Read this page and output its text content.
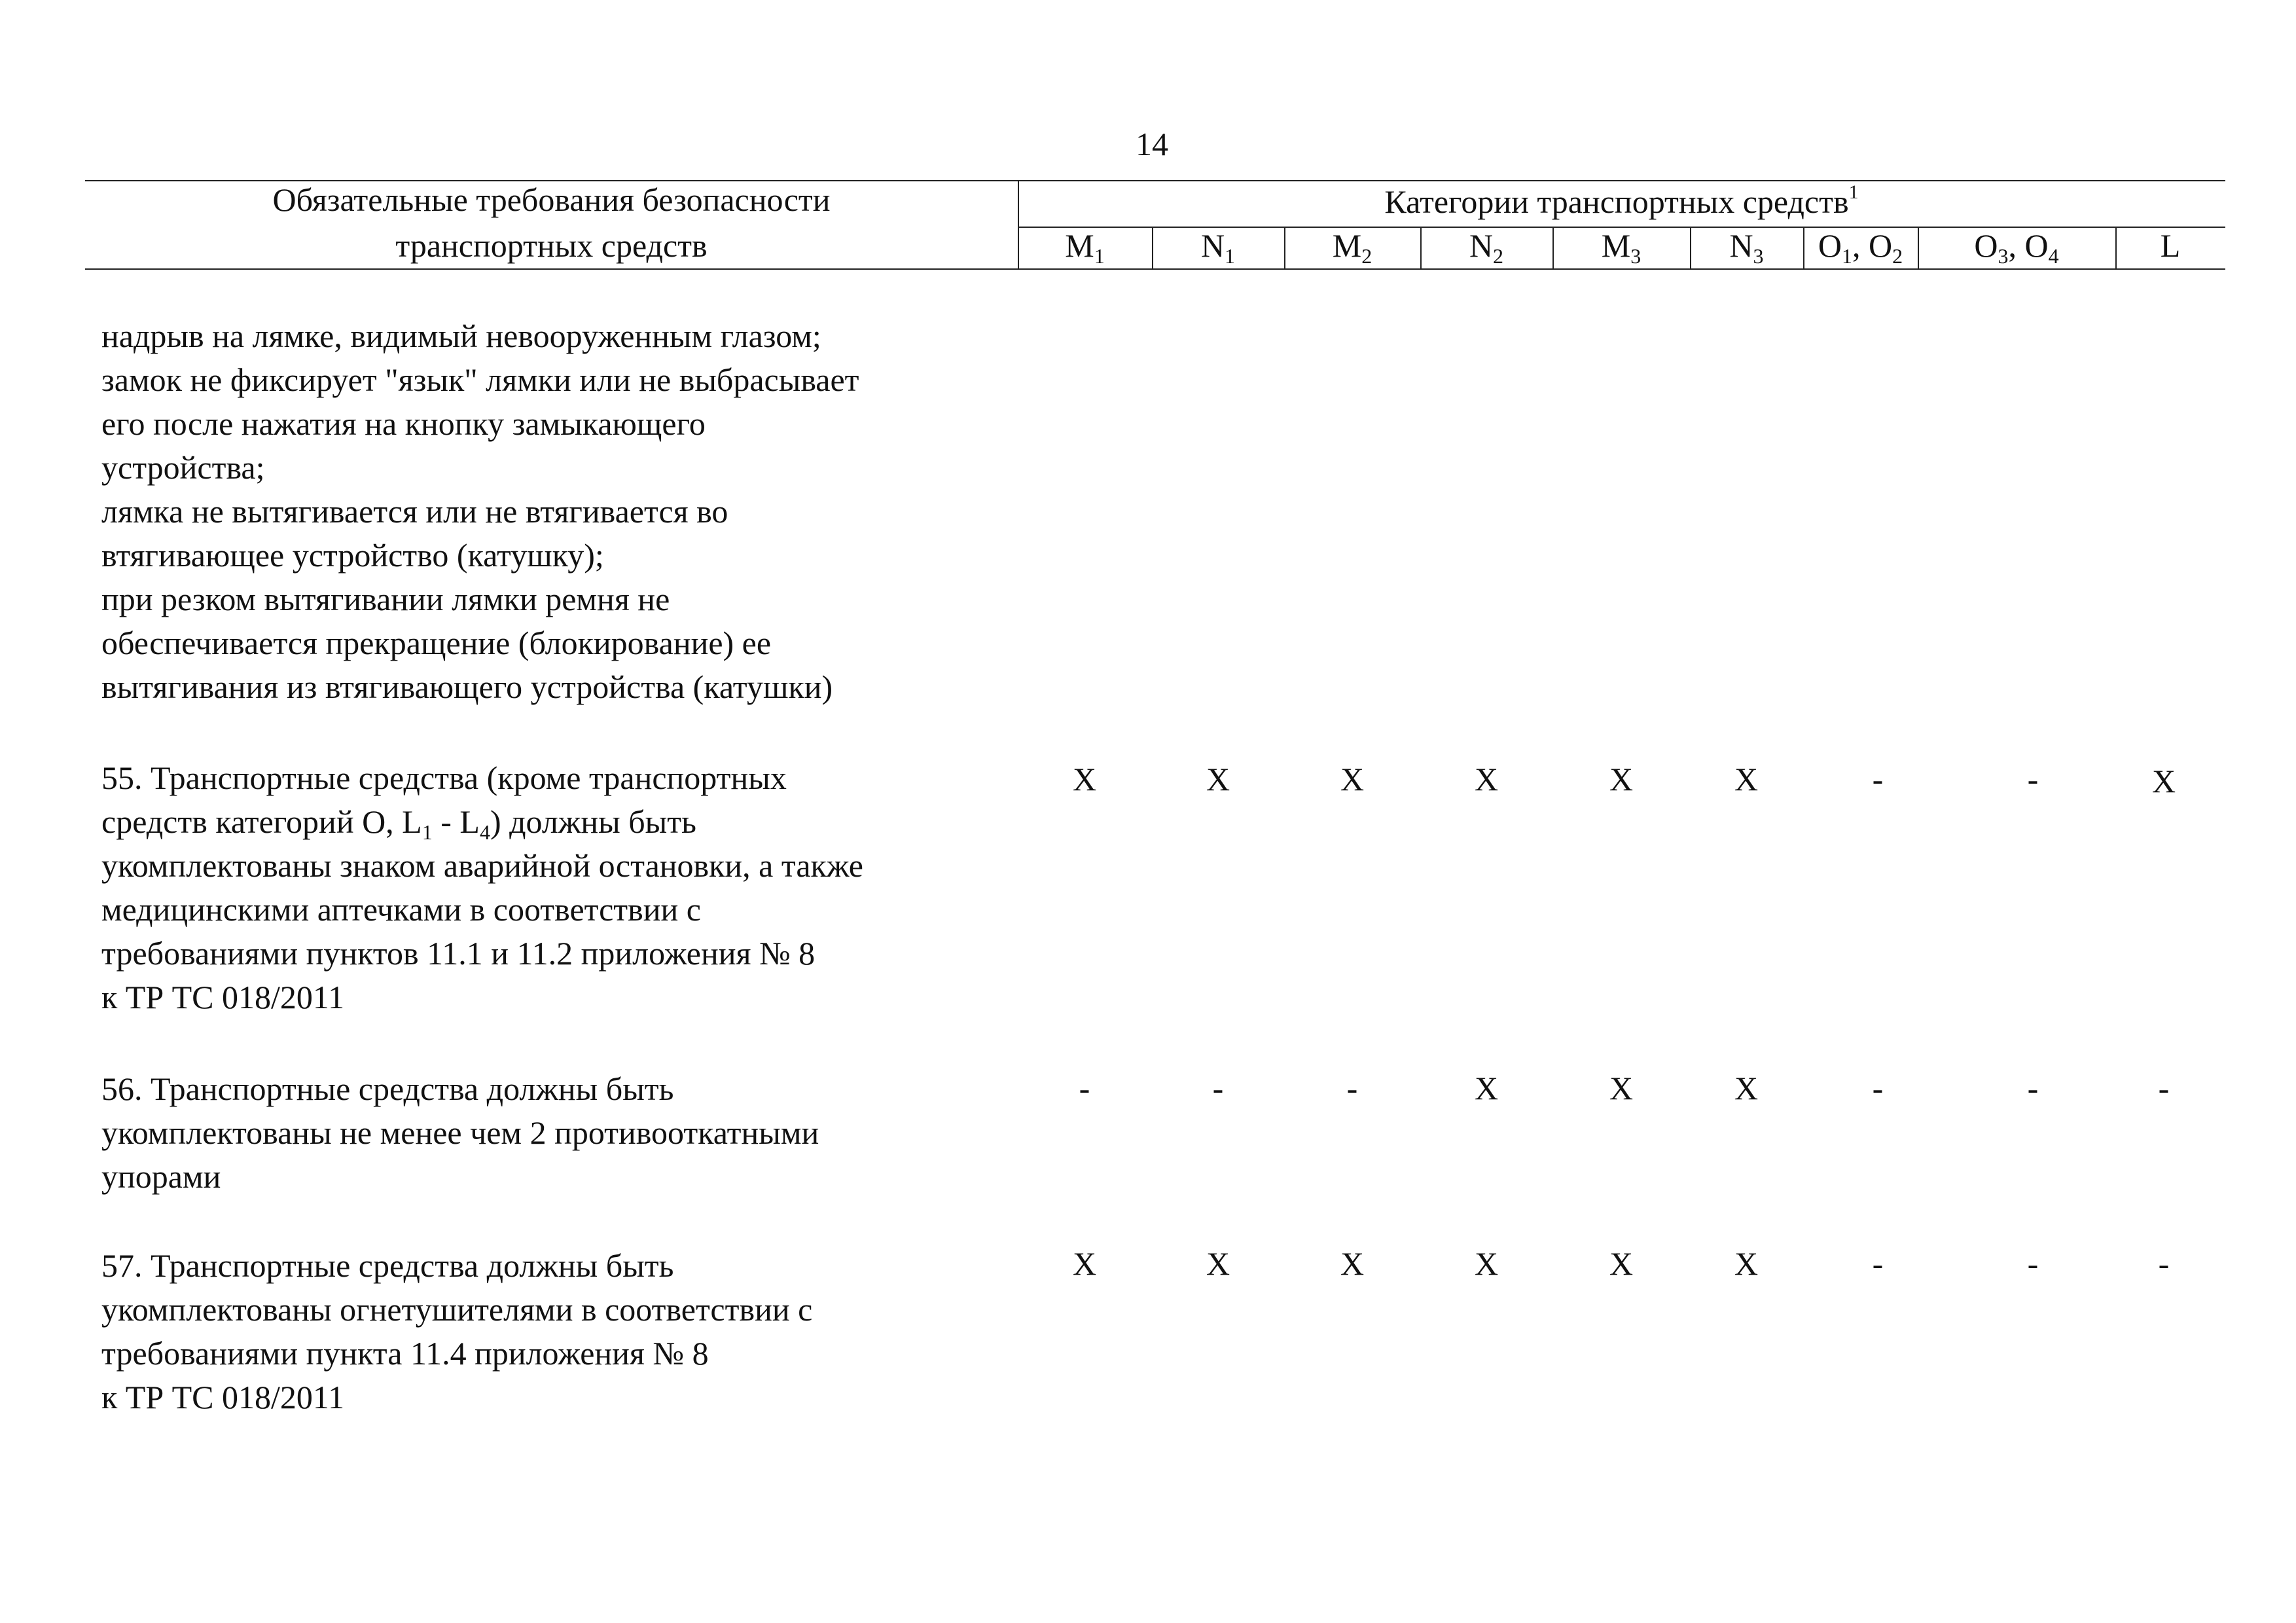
14
Обязательные требования безопасности
транспортных средств
Категории транспортных средств$^1$
$M_1$	$N_1$	$M_2$	$N_2$	$M_3$	$N_3$	$O_1$, $O_2$	$O_3$, $O_4$	L

надрыв на лямке, видимый невооруженным глазом;

замок не фиксирует "язык" лямки или не выбрасывает

его после нажатия на кнопку замыкающего

устройства;

лямка не вытягивается или не втягивается во

втягивающее устройство (катушку);

при резком вытягивании лямки ремня не

обеспечивается прекращение (блокирование) ее

вытягивания из втягивающего устройства (катушки)

55. Транспортные средства (кроме транспортных

средств категорий O, $L_1 - L_4$) должны быть

укомплектованы знаком аварийной остановки, а также

медицинскими аптечками в соответствии с

требованиями пунктов 11.1 и 11.2 приложения № 8

к ТР ТС 018/2011

X	X	X	X	X	X	-	-	X

56. Транспортные средства должны быть

укомплектованы не менее чем 2 противооткатными

упорами

-	-	-	X	X	X	-	-	-

57. Транспортные средства должны быть

укомплектованы огнетушителями в соответствии с

требованиями пункта 11.4 приложения № 8

к ТР ТС 018/2011

X	X	X	X	X	X	-	-	-
